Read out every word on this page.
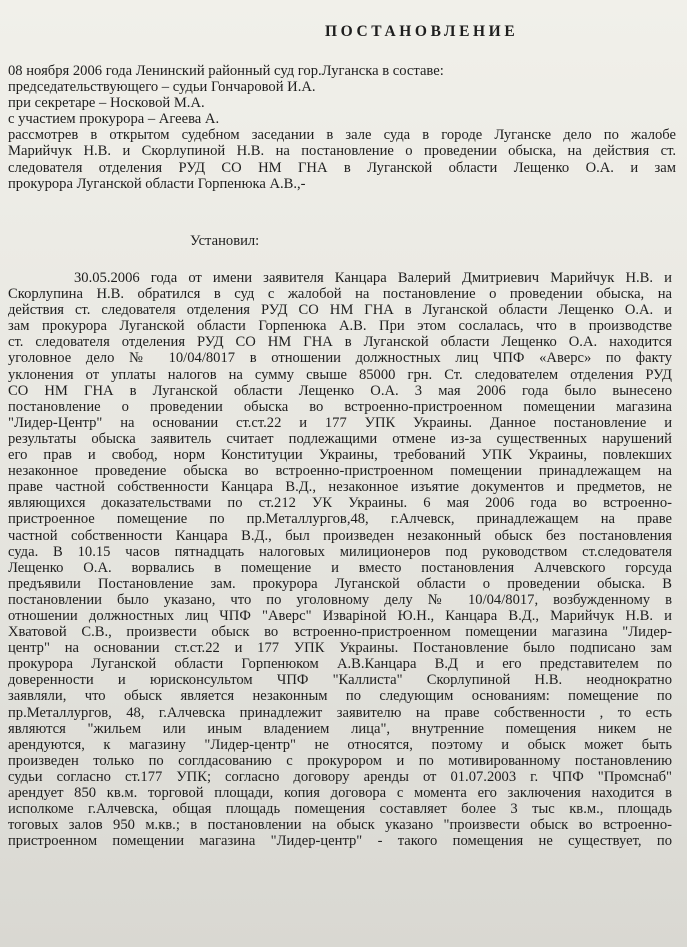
ПОСТАНОВЛЕНИЕ
08 ноября 2006 года Ленинский районный суд гор.Луганска в составе:
председательствующего – судьи Гончаровой И.А.
при секретаре – Носковой М.А.
с участием прокурора – Агеева А.
рассмотрев в открытом судебном заседании в зале суда в городе Луганске дело по жалобе
Марийчук Н.В. и Скорлупиной Н.В. на постановление о проведении обыска, на действия ст.
следователя отделения РУД СО НМ ГНА в Луганской области Лещенко О.А. и зам
прокурора Луганской области Горпенюка А.В.,-
Установил:
30.05.2006 года от имени заявителя Канцара Валерий Дмитриевич Марийчук Н.В. и
Скорлупина Н.В. обратился в суд с жалобой на постановление о проведении обыска, на
действия ст. следователя отделения РУД СО НМ ГНА в Луганской области Лещенко О.А. и
зам прокурора Луганской области Горпенюка А.В. При этом сослалась, что в производстве
ст. следователя отделения РУД СО НМ ГНА в Луганской области Лещенко О.А. находится
уголовное дело № 10/04/8017 в отношении должностных лиц ЧПФ «Аверс» по факту
уклонения от уплаты налогов на сумму свыше 85000 грн. Ст. следователем отделения РУД
СО НМ ГНА в Луганской области Лещенко О.А. 3 мая 2006 года было вынесено
постановление о проведении обыска во встроенно-пристроенном помещении магазина
"Лидер-Центр" на основании ст.ст.22 и 177 УПК Украины. Данное постановление и
результаты обыска заявитель считает подлежащими отмене из-за существенных нарушений
его прав и свобод, норм Конституции Украины, требований УПК Украины, повлекших
незаконное проведение обыска во встроенно-пристроенном помещении принадлежащем на
праве частной собственности Канцара В.Д., незаконное изъятие документов и предметов, не
являющихся доказательствами по ст.212 УК Украины. 6 мая 2006 года во встроенно-
пристроенное помещение по пр.Металлургов,48, г.Алчевск, принадлежащем на праве
частной собственности Канцара В.Д., был произведен незаконный обыск без постановления
суда. В 10.15 часов пятнадцать налоговых милиционеров под руководством ст.следователя
Лещенко О.А. ворвались в помещение и вместо постановления Алчевского горсуда
предъявили Постановление зам. прокурора Луганской области о проведении обыска. В
постановлении было указано, что по уголовному делу № 10/04/8017, возбужденному в
отношении должностных лиц ЧПФ "Аверс" Изваріной Ю.Н., Канцара В.Д., Марийчук Н.В. и
Хватовой С.В., произвести обыск во встроенно-пристроенном помещении магазина "Лидер-
центр" на основании ст.ст.22 и 177 УПК Украины. Постановление было подписано зам
прокурора Луганской области Горпенюком А.В.Канцара В.Д и его представителем по
доверенности и юрисконсультом ЧПФ "Каллиста" Скорлупиной Н.В. неоднократно
заявляли, что обыск является незаконным по следующим основаниям: помещение по
пр.Металлургов, 48, г.Алчевска принадлежит заявителю на праве собственности , то есть
являются "жильем или иным владением лица", внутренние помещения никем не
арендуются, к магазину "Лидер-центр" не относятся, поэтому и обыск может быть
произведен только по соглдасованию с прокурором и по мотивированному постановлению
судьи согласно ст.177 УПК; согласно договору аренды от 01.07.2003 г. ЧПФ "Промснаб"
арендует 850 кв.м. торговой площади, копия договора с момента его заключения находится в
исполкоме г.Алчевска, общая площадь помещения составляет более 3 тыс кв.м., площадь
тоговых залов 950 м.кв.; в постановлении на обыск указано "произвести обыск во встроенно-
пристроенном помещении магазина "Лидер-центр" - такого помещения не существует, по
